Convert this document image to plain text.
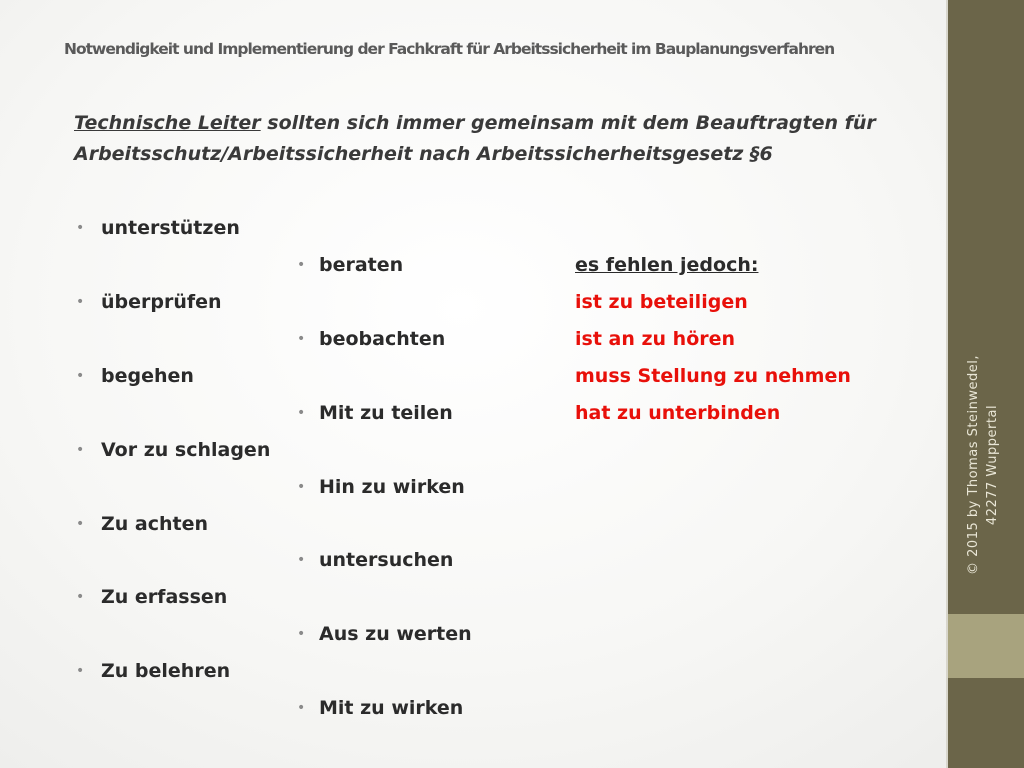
© 2015 by Thomas Steinwedel, 42277 Wuppertal
Notwendigkeit und Implementierung der Fachkraft für Arbeitssicherheit im Bauplanungsverfahren
Technische Leiter sollten sich immer gemeinsam mit dem Beauftragten für Arbeitsschutz/Arbeitssicherheit nach Arbeitssicherheitsgesetz §6
• unterstützen
• überprüfen
• begehen
• Vor zu schlagen
• Zu achten
• Zu erfassen
• Zu belehren
• beraten
• beobachten
• Mit zu teilen
• Hin zu wirken
• untersuchen
• Aus zu werten
• Mit zu wirken
es fehlen jedoch:
ist zu beteiligen
ist an zu hören
muss Stellung zu nehmen
hat zu unterbinden
